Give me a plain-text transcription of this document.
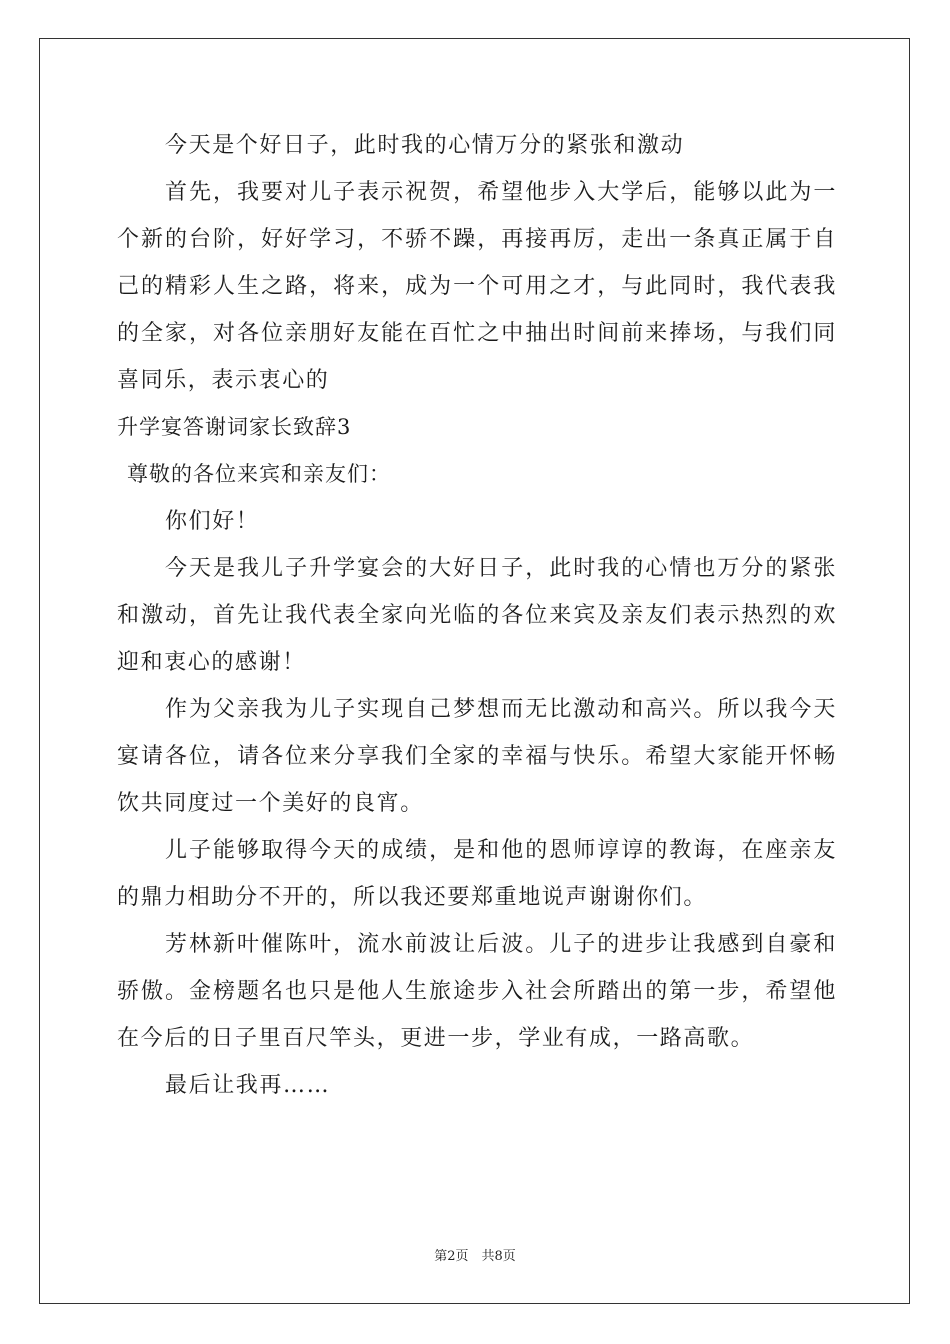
今天是个好日子，此时我的心情万分的紧张和激动

首先，我要对儿子表示祝贺，希望他步入大学后，能够以此为一个新的台阶，好好学习，不骄不躁，再接再厉，走出一条真正属于自己的精彩人生之路，将来，成为一个可用之才，与此同时，我代表我的全家，对各位亲朋好友能在百忙之中抽出时间前来捧场，与我们同喜同乐，表示衷心的

升学宴答谢词家长致辞3

尊敬的各位来宾和亲友们：

你们好！

今天是我儿子升学宴会的大好日子，此时我的心情也万分的紧张和激动，首先让我代表全家向光临的各位来宾及亲友们表示热烈的欢迎和衷心的感谢！

作为父亲我为儿子实现自己梦想而无比激动和高兴。所以我今天宴请各位，请各位来分享我们全家的幸福与快乐。希望大家能开怀畅饮共同度过一个美好的良宵。

儿子能够取得今天的成绩，是和他的恩师谆谆的教诲，在座亲友的鼎力相助分不开的，所以我还要郑重地说声谢谢你们。

芳林新叶催陈叶，流水前波让后波。儿子的进步让我感到自豪和骄傲。金榜题名也只是他人生旅途步入社会所踏出的第一步，希望他在今后的日子里百尺竿头，更进一步，学业有成，一路高歌。

最后让我再……

第2页　共8页
